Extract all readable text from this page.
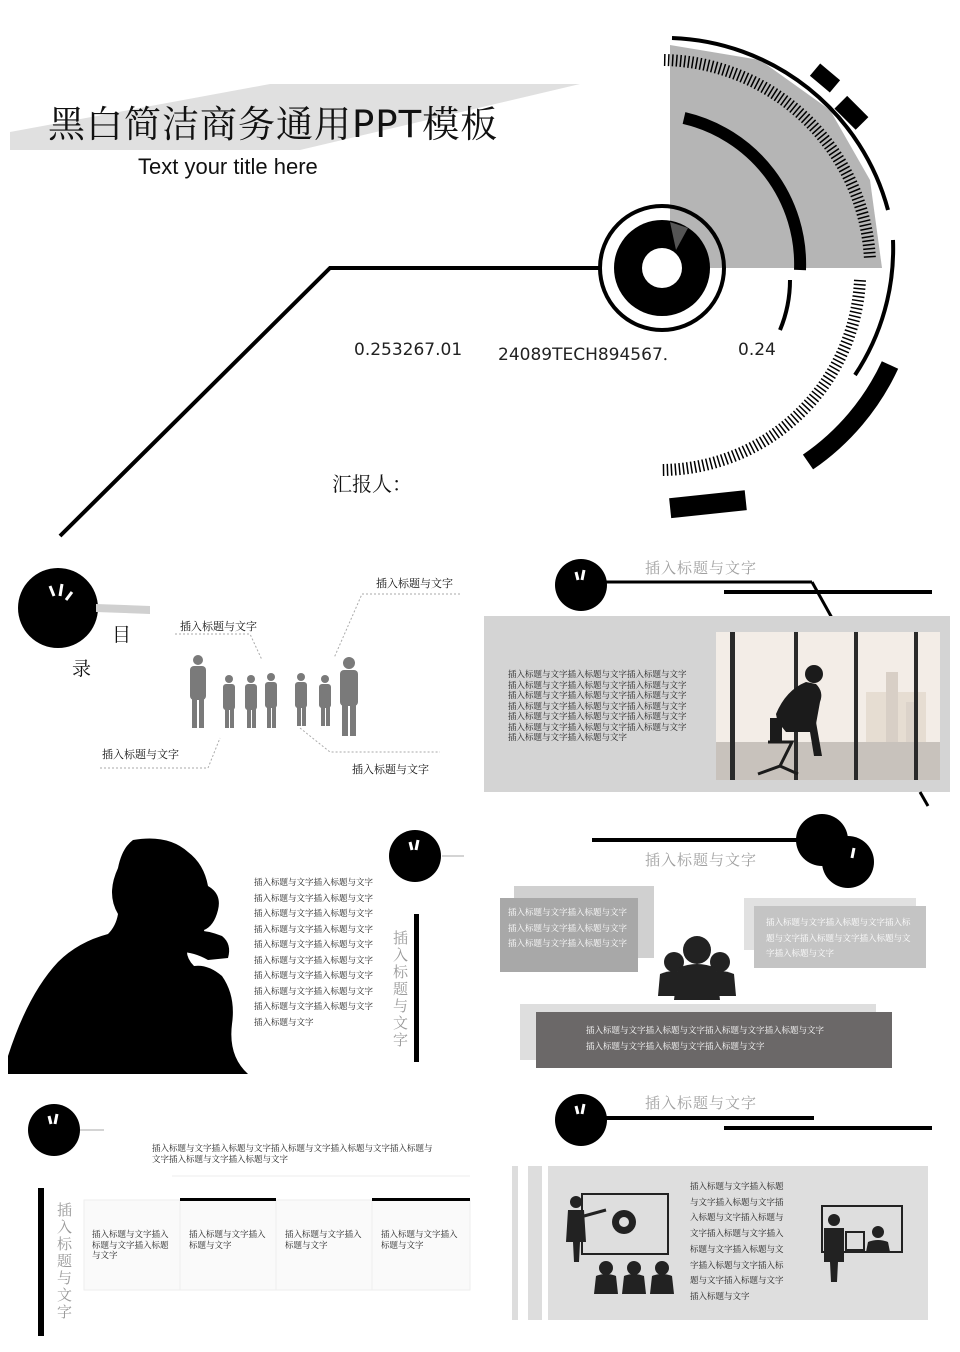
黑白简洁商务通用PPT模板
Text your title here
0.253267.01 24089TECH894567．	0.24
汇报人：
目
录
插入标题与文字
插入标题与文字
插入标题与文字
插入标题与文字
插入标题与文字
插入标题与文字插入标题与文字插入标题与文字插入标题与文字插入标题与文字插入标题与文字插入标题与文字插入标题与文字插入标题与文字插入标题与文字插入标题与文字插入标题与文字插入标题与文字插入标题与文字插入标题与文字插入标题与文字插入标题与文字插入标题与文字插入标题与文字插入标题与文字
插入标题与文字插入标题与文字
插入标题与文字插入标题与文字
插入标题与文字插入标题与文字
插入标题与文字插入标题与文字
插入标题与文字插入标题与文字
插入标题与文字插入标题与文字
插入标题与文字插入标题与文字
插入标题与文字插入标题与文字
插入标题与文字插入标题与文字
插入标题与文字	插入标题与文字
插入标题与文字
插入标题与文字插入标题与文字插入标题与文字插入标题与文字插入标题与文字插入标题与文字
插入标题与文字插入标题与文字插入标题与文字插入标题与文字插入标题与文字插入标题与文字
插入标题与文字插入标题与文字插入标题与文字插入标题与文字
插入标题与文字插入标题与文字插入标题与文字
插入标题与文字插入标题与文字插入标题与文字插入标题与文字插入标题与文字插入标题与文字插入标题与文字
插入标题与文字 插入标题与文字插入标题与文字插入标题与文字
插入标题与文字插入标题与文字
插入标题与文字插入标题与文字
插入标题与文字插入标题与文字
插入标题与文字
插入标题与文字插入标题与文字插入标题与文字插入标题与文字插入标题与文字插入标题与文字插入标题与文字插入标题与文字插入标题与文字插入标题与文字插入标题与文字插入标题与文字
